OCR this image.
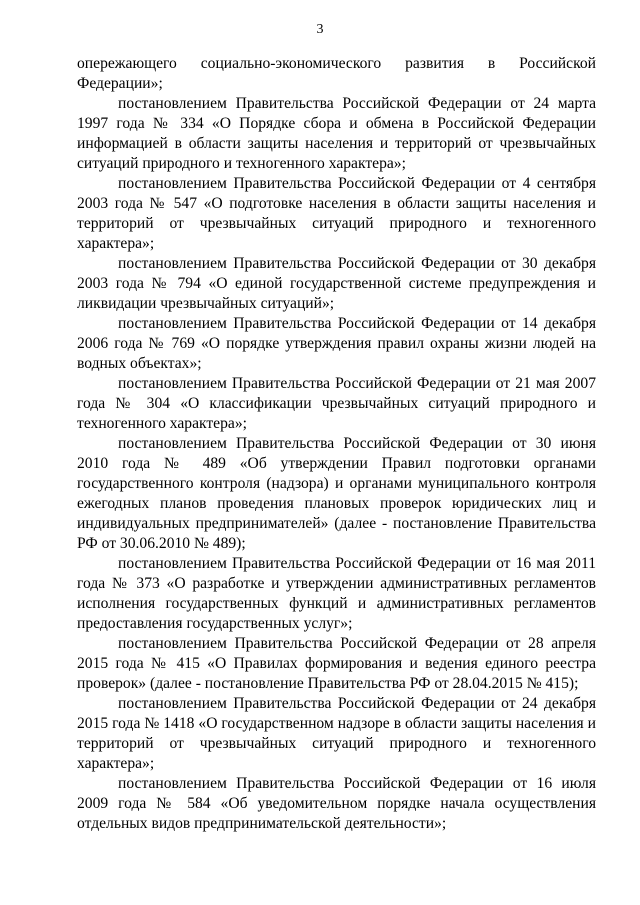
3

опережающего социально-экономического развития в Российской Федерации»;

постановлением Правительства Российской Федерации от 24 марта 1997 года № 334 «О Порядке сбора и обмена в Российской Федерации информацией в области защиты населения и территорий от чрезвычайных ситуаций природного и техногенного характера»;

постановлением Правительства Российской Федерации от 4 сентября 2003 года № 547 «О подготовке населения в области защиты населения и территорий от чрезвычайных ситуаций природного и техногенного характера»;

постановлением Правительства Российской Федерации от 30 декабря 2003 года № 794 «О единой государственной системе предупреждения и ликвидации чрезвычайных ситуаций»;

постановлением Правительства Российской Федерации от 14 декабря 2006 года № 769 «О порядке утверждения правил охраны жизни людей на водных объектах»;

постановлением Правительства Российской Федерации от 21 мая 2007 года № 304 «О классификации чрезвычайных ситуаций природного и техногенного характера»;

постановлением Правительства Российской Федерации от 30 июня 2010 года № 489 «Об утверждении Правил подготовки органами государственного контроля (надзора) и органами муниципального контроля ежегодных планов проведения плановых проверок юридических лиц и индивидуальных предпринимателей» (далее - постановление Правительства РФ от 30.06.2010 № 489);

постановлением Правительства Российской Федерации от 16 мая 2011 года № 373 «О разработке и утверждении административных регламентов исполнения государственных функций и административных регламентов предоставления государственных услуг»;

постановлением Правительства Российской Федерации от 28 апреля 2015 года № 415 «О Правилах формирования и ведения единого реестра проверок» (далее - постановление Правительства РФ от 28.04.2015 № 415);

постановлением Правительства Российской Федерации от 24 декабря 2015 года № 1418 «О государственном надзоре в области защиты населения и территорий от чрезвычайных ситуаций природного и техногенного характера»;

постановлением Правительства Российской Федерации от 16 июля 2009 года № 584 «Об уведомительном порядке начала осуществления отдельных видов предпринимательской деятельности»;
